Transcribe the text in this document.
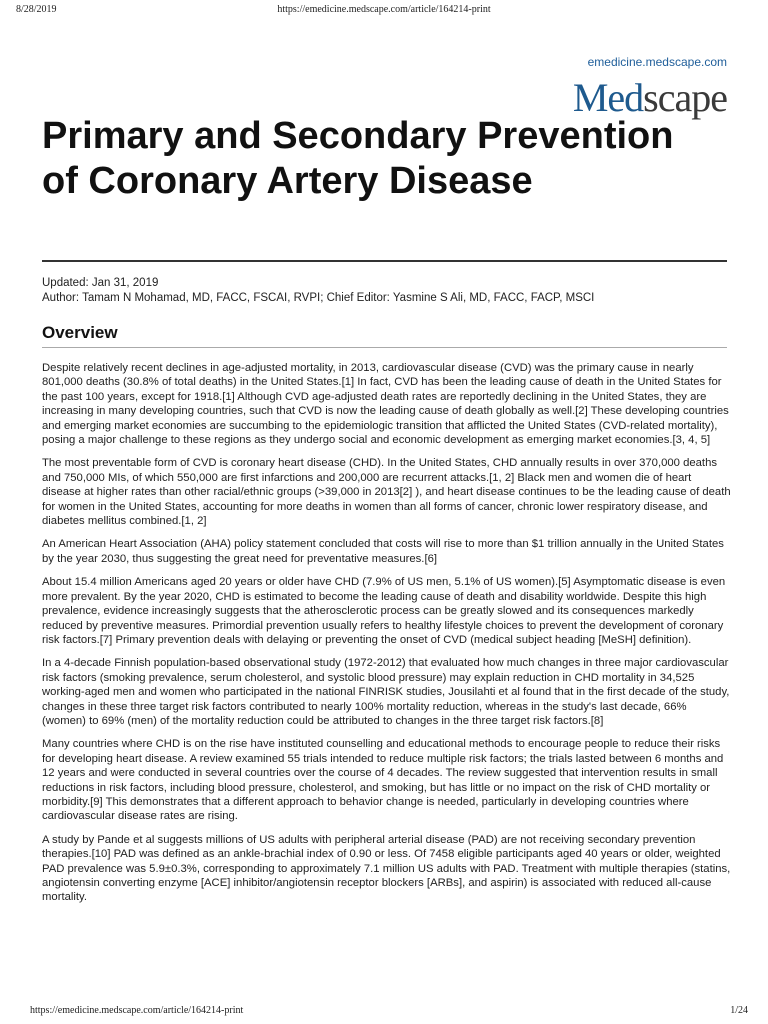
8/28/2019	https://emedicine.medscape.com/article/164214-print
emedicine.medscape.com
Medscape
Primary and Secondary Prevention of Coronary Artery Disease
Updated: Jan 31, 2019
Author: Tamam N Mohamad, MD, FACC, FSCAI, RVPI; Chief Editor: Yasmine S Ali, MD, FACC, FACP, MSCI
Overview

Despite relatively recent declines in age-adjusted mortality, in 2013, cardiovascular disease (CVD) was the primary cause in nearly 801,000 deaths (30.8% of total deaths) in the United States.[1] In fact, CVD has been the leading cause of death in the United States for the past 100 years, except for 1918.[1] Although CVD age-adjusted death rates are reportedly declining in the United States, they are increasing in many developing countries, such that CVD is now the leading cause of death globally as well.[2] These developing countries and emerging market economies are succumbing to the epidemiologic transition that afflicted the United States (CVD-related mortality), posing a major challenge to these regions as they undergo social and economic development as emerging market economies.[3, 4, 5]

The most preventable form of CVD is coronary heart disease (CHD). In the United States, CHD annually results in over 370,000 deaths and 750,000 MIs, of which 550,000 are first infarctions and 200,000 are recurrent attacks.[1, 2] Black men and women die of heart disease at higher rates than other racial/ethnic groups (>39,000 in 2013[2] ), and heart disease continues to be the leading cause of death for women in the United States, accounting for more deaths in women than all forms of cancer, chronic lower respiratory disease, and diabetes mellitus combined.[1, 2]

An American Heart Association (AHA) policy statement concluded that costs will rise to more than $1 trillion annually in the United States by the year 2030, thus suggesting the great need for preventative measures.[6]

About 15.4 million Americans aged 20 years or older have CHD (7.9% of US men, 5.1% of US women).[5] Asymptomatic disease is even more prevalent. By the year 2020, CHD is estimated to become the leading cause of death and disability worldwide. Despite this high prevalence, evidence increasingly suggests that the atherosclerotic process can be greatly slowed and its consequences markedly reduced by preventive measures. Primordial prevention usually refers to healthy lifestyle choices to prevent the development of coronary risk factors.[7] Primary prevention deals with delaying or preventing the onset of CVD (medical subject heading [MeSH] definition).

In a 4-decade Finnish population-based observational study (1972-2012) that evaluated how much changes in three major cardiovascular risk factors (smoking prevalence, serum cholesterol, and systolic blood pressure) may explain reduction in CHD mortality in 34,525 working-aged men and women who participated in the national FINRISK studies, Jousilahti et al found that in the first decade of the study, changes in these three target risk factors contributed to nearly 100% mortality reduction, whereas in the study's last decade, 66% (women) to 69% (men) of the mortality reduction could be attributed to changes in the three target risk factors.[8]

Many countries where CHD is on the rise have instituted counselling and educational methods to encourage people to reduce their risks for developing heart disease. A review examined 55 trials intended to reduce multiple risk factors; the trials lasted between 6 months and 12 years and were conducted in several countries over the course of 4 decades. The review suggested that intervention results in small reductions in risk factors, including blood pressure, cholesterol, and smoking, but has little or no impact on the risk of CHD mortality or morbidity.[9] This demonstrates that a different approach to behavior change is needed, particularly in developing countries where cardiovascular disease rates are rising.

A study by Pande et al suggests millions of US adults with peripheral arterial disease (PAD) are not receiving secondary prevention therapies.[10] PAD was defined as an ankle-brachial index of 0.90 or less. Of 7458 eligible participants aged 40 years or older, weighted PAD prevalence was 5.9±0.3%, corresponding to approximately 7.1 million US adults with PAD. Treatment with multiple therapies (statins, angiotensin converting enzyme [ACE] inhibitor/angiotensin receptor blockers [ARBs], and aspirin) is associated with reduced all-cause mortality.

https://emedicine.medscape.com/article/164214-print	1/24
